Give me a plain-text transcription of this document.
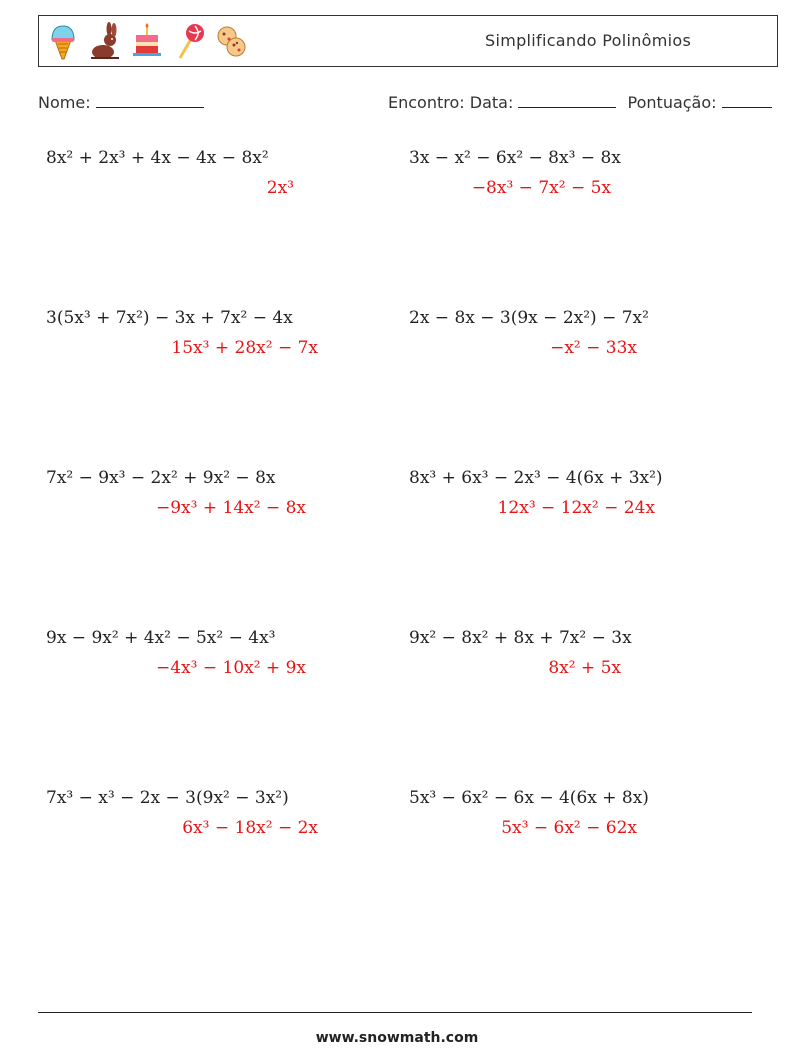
Simplificando Polinômios
Nome:	Encontro: Data:	Pontuação:
8x² + 2x³ + 4x − 4x − 8x²
2x³
3x − x² − 6x² − 8x³ − 8x
−8x³ − 7x² − 5x
3(5x³ + 7x²) − 3x + 7x² − 4x
15x³ + 28x² − 7x
2x − 8x − 3(9x − 2x²) − 7x²
−x² − 33x
7x² − 9x³ − 2x² + 9x² − 8x
−9x³ + 14x² − 8x
8x³ + 6x³ − 2x³ − 4(6x + 3x²)
12x³ − 12x² − 24x
9x − 9x² + 4x² − 5x² − 4x³
−4x³ − 10x² + 9x
9x² − 8x² + 8x + 7x² − 3x
8x² + 5x
7x³ − x³ − 2x − 3(9x² − 3x²)
6x³ − 18x² − 2x
5x³ − 6x² − 6x − 4(6x + 8x)
5x³ − 6x² − 62x
www.snowmath.com
